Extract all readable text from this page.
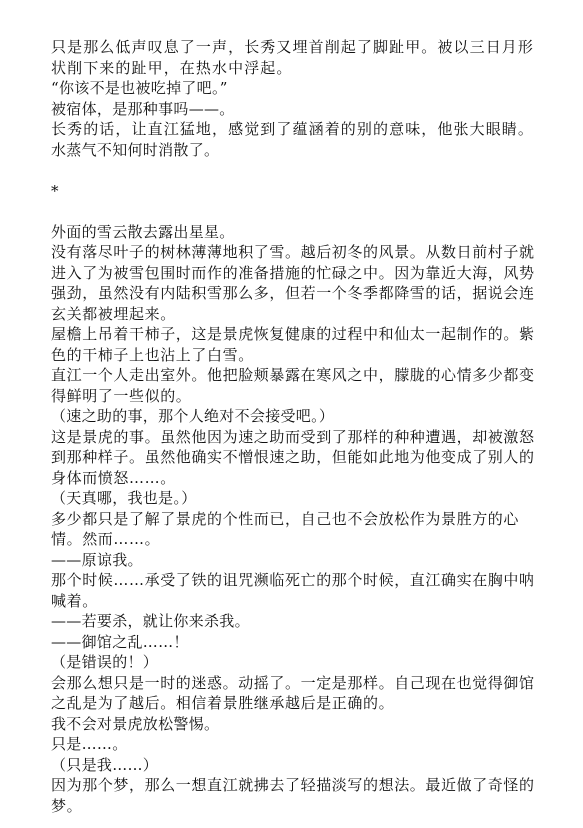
只是那么低声叹息了一声，长秀又埋首削起了脚趾甲。被以三日月形状削下来的趾甲，在热水中浮起。

“你该不是也被吃掉了吧。”

被宿体，是那种事吗——。

长秀的话，让直江猛地，感觉到了蕴涵着的别的意味，他张大眼睛。

水蒸气不知何时消散了。

*

外面的雪云散去露出星星。

没有落尽叶子的树林薄薄地积了雪。越后初冬的风景。从数日前村子就进入了为被雪包围时而作的准备措施的忙碌之中。因为靠近大海，风势强劲，虽然没有内陆积雪那么多，但若一个冬季都降雪的话，据说会连玄关都被埋起来。

屋檐上吊着干柿子，这是景虎恢复健康的过程中和仙太一起制作的。紫色的干柿子上也沾上了白雪。

直江一个人走出室外。他把脸颊暴露在寒风之中，朦胧的心情多少都变得鲜明了一些似的。

（速之助的事，那个人绝对不会接受吧。）

这是景虎的事。虽然他因为速之助而受到了那样的种种遭遇，却被激怒到那种样子。虽然他确实不憎恨速之助，但能如此地为他变成了别人的身体而愤怒……。

（天真哪，我也是。）

多少都只是了解了景虎的个性而已，自己也不会放松作为景胜方的心情。然而……。

——原谅我。

那个时候……承受了铁的诅咒濒临死亡的那个时候，直江确实在胸中呐喊着。

——若要杀，就让你来杀我。

——御馆之乱……！

（是错误的！）

会那么想只是一时的迷惑。动摇了。一定是那样。自己现在也觉得御馆之乱是为了越后。相信着景胜继承越后是正确的。

我不会对景虎放松警惕。

只是……。

（只是我……）

因为那个梦，那么一想直江就拂去了轻描淡写的想法。最近做了奇怪的梦。
